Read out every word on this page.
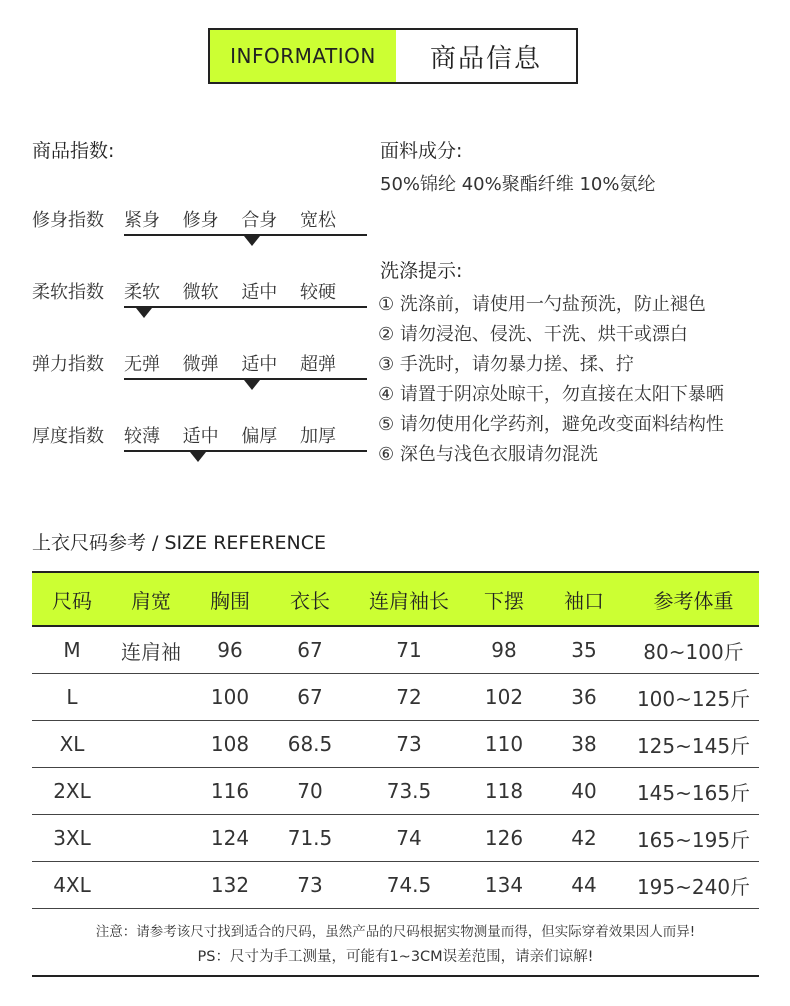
INFORMATION	商品信息
商品指数:
修身指数 紧身 修身 合身 宽松
柔软指数 柔软 微软 适中 较硬
弹力指数 无弹 微弹 适中 超弹
厚度指数 较薄 适中 偏厚 加厚
面料成分:
50%锦纶 40%聚酯纤维 10%氨纶
洗涤提示:
① 洗涤前，请使用一勺盐预洗，防止褪色
② 请勿浸泡、侵洗、干洗、烘干或漂白
③ 手洗时，请勿暴力搓、揉、拧
④ 请置于阴凉处晾干，勿直接在太阳下暴晒
⑤ 请勿使用化学药剂，避免改变面料结构性
⑥ 深色与浅色衣服请勿混洗
上衣尺码参考 / SIZE REFERENCE
尺码	肩宽	胸围	衣长	连肩袖长	下摆	袖口	参考体重
M	连肩袖	96	67	71	98	35	80~100斤
L		100	67	72	102	36	100~125斤
XL		108	68.5	73	110	38	125~145斤
2XL		116	70	73.5	118	40	145~165斤
3XL		124	71.5	74	126	42	165~195斤
4XL		132	73	74.5	134	44	195~240斤
注意：请参考该尺寸找到适合的尺码，虽然产品的尺码根据实物测量而得，但实际穿着效果因人而异!
PS：尺寸为手工测量，可能有1~3CM误差范围，请亲们谅解!
